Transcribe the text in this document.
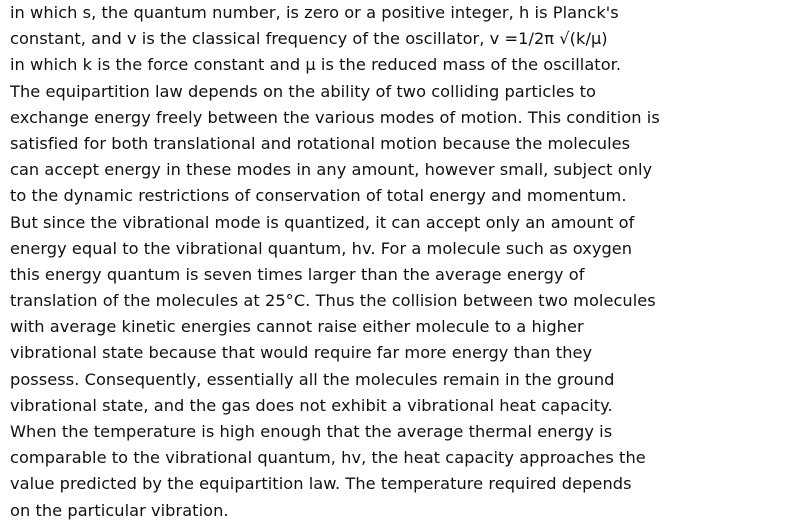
in which s, the quantum number, is zero or a positive integer, h is Planck's
constant, and v is the classical frequency of the oscillator, v =1/2π √(k/μ)
in which k is the force constant and μ is the reduced mass of the oscillator.
The equipartition law depends on the ability of two colliding particles to
exchange energy freely between the various modes of motion. This condition is
satisfied for both translational and rotational motion because the molecules
can accept energy in these modes in any amount, however small, subject only
to the dynamic restrictions of conservation of total energy and momentum.
But since the vibrational mode is quantized, it can accept only an amount of
energy equal to the vibrational quantum, hv. For a molecule such as oxygen
this energy quantum is seven times larger than the average energy of
translation of the molecules at 25°C. Thus the collision between two molecules
with average kinetic energies cannot raise either molecule to a higher
vibrational state because that would require far more energy than they
possess. Consequently, essentially all the molecules remain in the ground
vibrational state, and the gas does not exhibit a vibrational heat capacity.
When the temperature is high enough that the average thermal energy is
comparable to the vibrational quantum, hv, the heat capacity approaches the
value predicted by the equipartition law. The temperature required depends
on the particular vibration.
